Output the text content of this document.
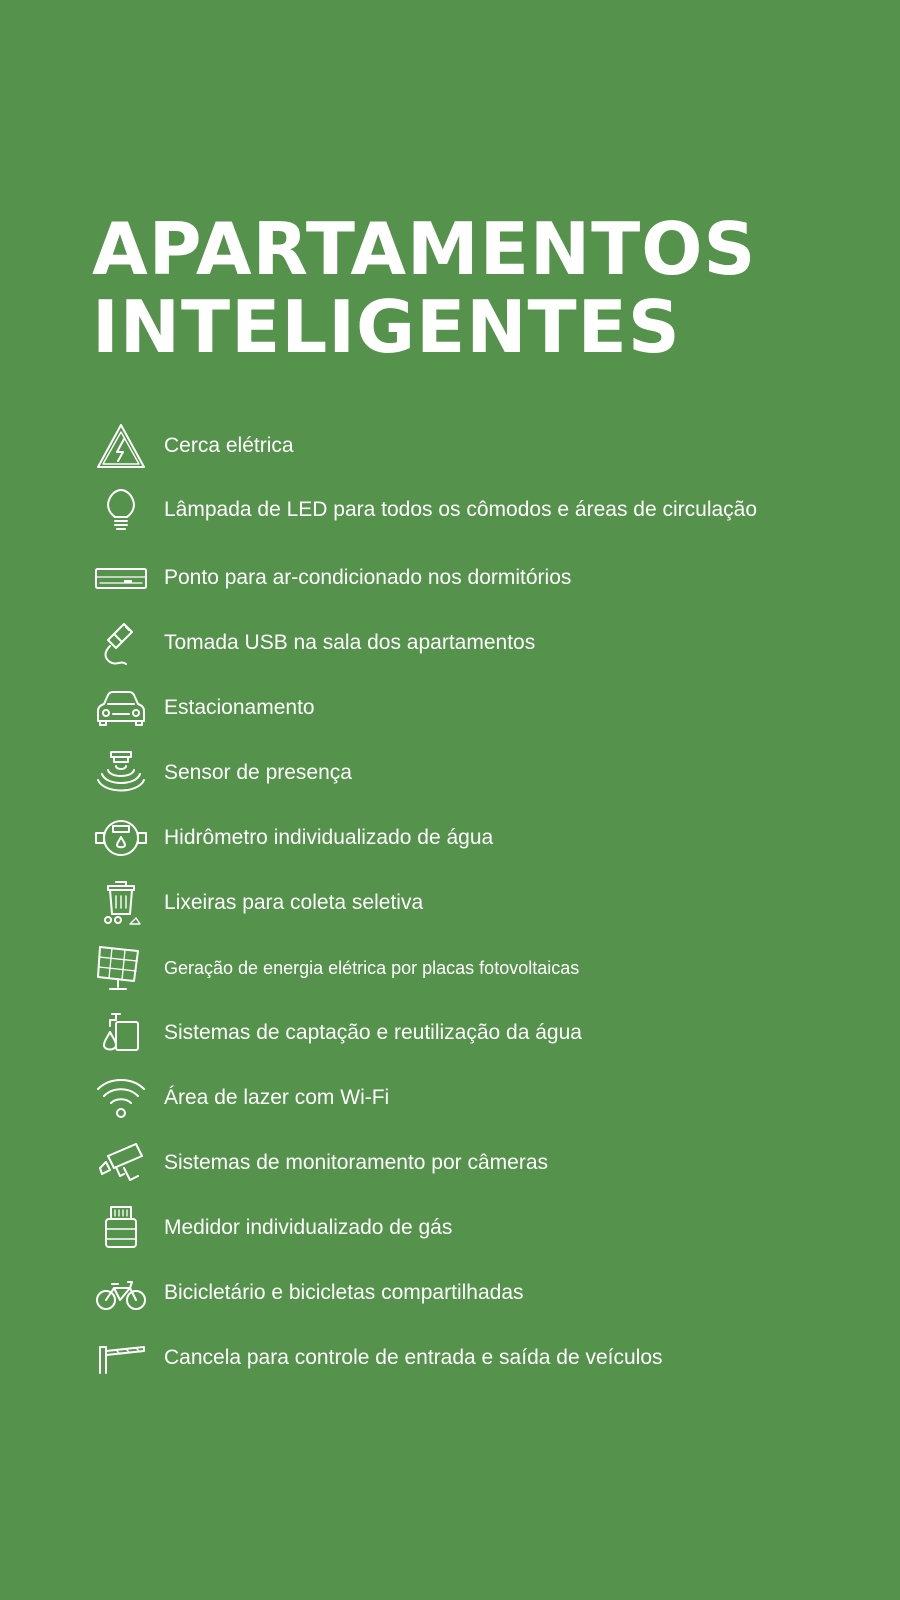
APARTAMENTOS
INTELIGENTES
Cerca elétrica
Lâmpada de LED para todos os cômodos e áreas de circulação
Ponto para ar-condicionado nos dormitórios
Tomada USB na sala dos apartamentos
Estacionamento
Sensor de presença
Hidrômetro individualizado de água
Lixeiras para coleta seletiva
Geração de energia elétrica por placas fotovoltaicas
Sistemas de captação e reutilização da água
Área de lazer com Wi-Fi
Sistemas de monitoramento por câmeras
Medidor individualizado de gás
Bicicletário e bicicletas compartilhadas
Cancela para controle de entrada e saída de veículos
